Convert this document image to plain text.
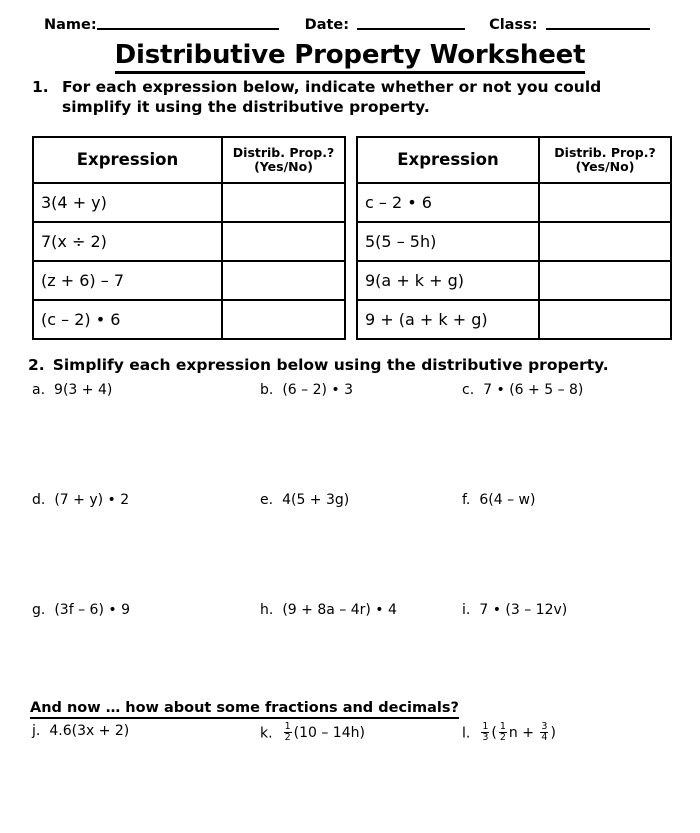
Name:	Date:	Class:
Distributive Property Worksheet
1. For each expression below, indicate whether or not you could simplify it using the distributive property.
Expression	Distrib. Prop.?
(Yes/No)

3(4 + y)	
7(x ÷ 2)	
(z + 6) – 7	
(c – 2) • 6	
Expression	Distrib. Prop.?
(Yes/No)

c – 2 • 6	
5(5 – 5h)	
9(a + k + g)	
9 + (a + k + g)	
2. Simplify each expression below using the distributive property.
a. 9(3 + 4)	b. (6 – 2) • 3	c. 7 • (6 + 5 – 8)
d. (7 + y) • 2	e. 4(5 + 3g)	f. 6(4 – w)
g. (3f – 6) • 9	h. (9 + 8a – 4r) • 4	i. 7 • (3 – 12v)
And now … how about some fractions and decimals?
j. 4.6(3x + 2)	k. $\frac{1}{2} (10 - 14h)$	l. $\frac{1}{3}$ ( $\frac{1}{2}$ $n + \frac{3}{4}$ )
